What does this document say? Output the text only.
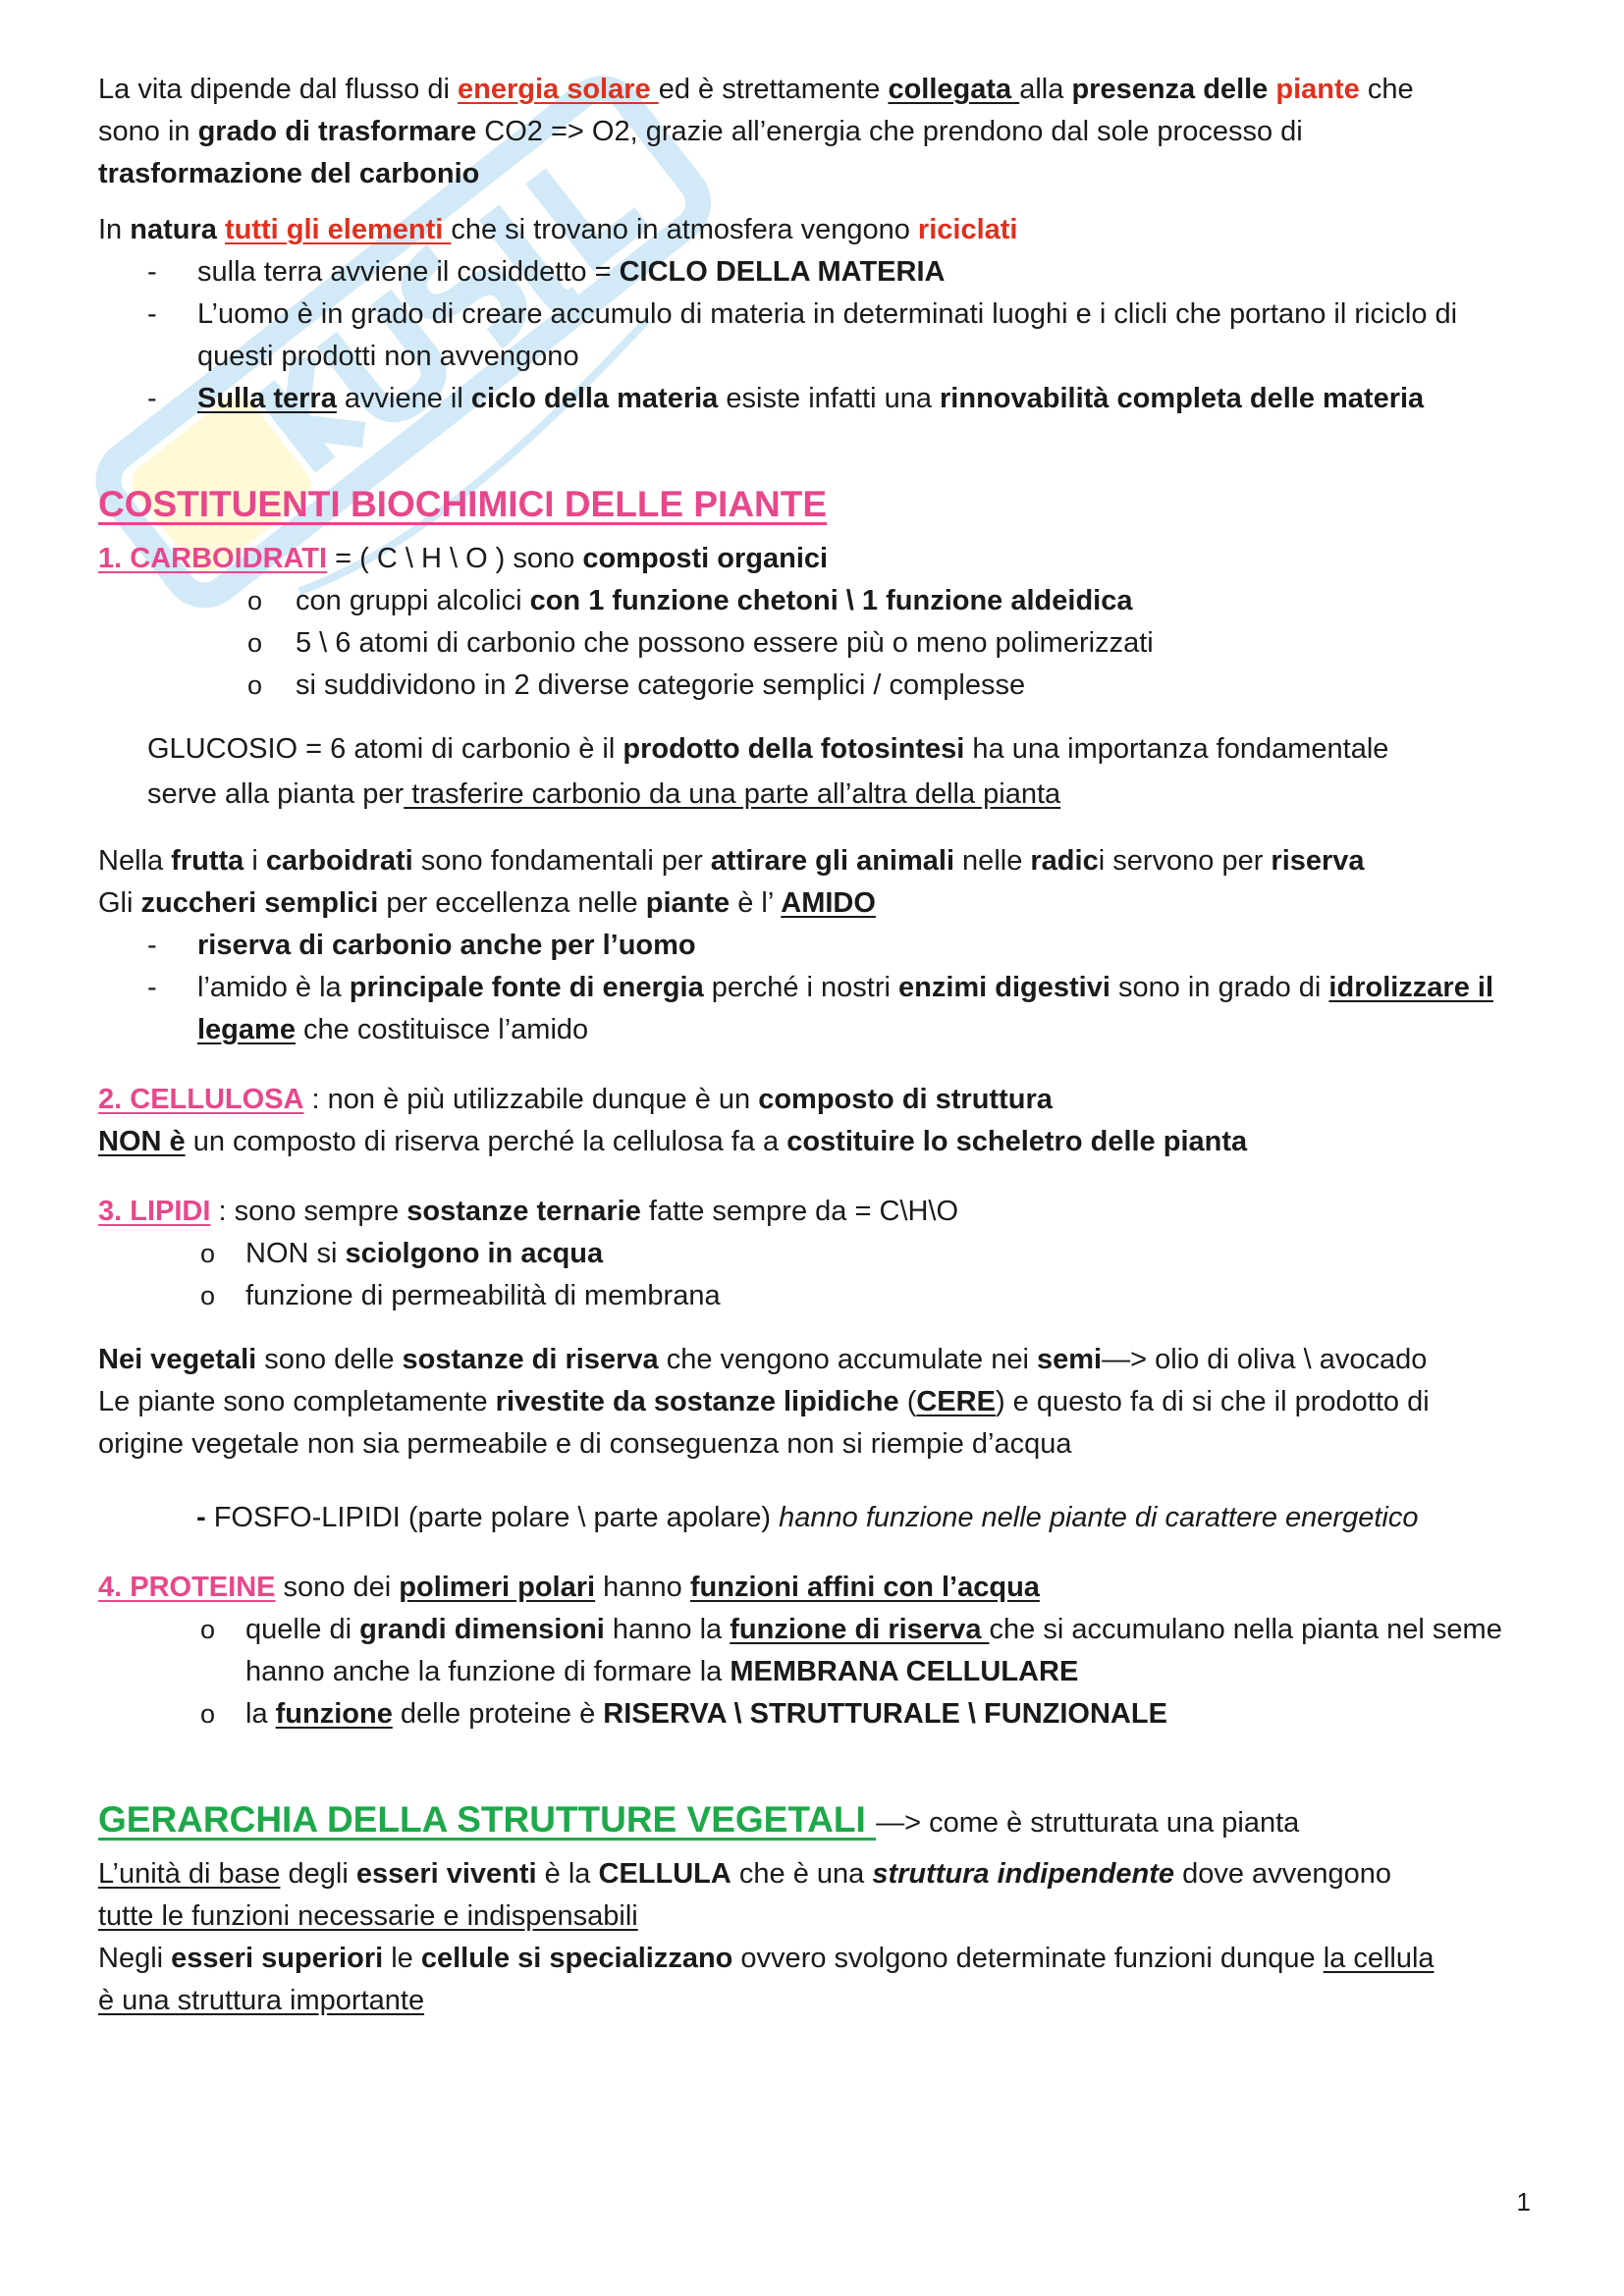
La vita dipende dal flusso di energia solare ed è strettamente collegata alla presenza delle piante che

sono in grado di trasformare CO2 => O2, grazie all’energia che prendono dal sole processo di

trasformazione del carbonio

In natura tutti gli elementi che si trovano in atmosfera vengono riciclati

- sulla terra avviene il cosiddetto = CICLO DELLA MATERIA

- L’uomo è in grado di creare accumulo di materia in determinati luoghi e i clicli che portano il riciclo di questi prodotti non avvengono

- Sulla terra avviene il ciclo della materia esiste infatti una rinnovabilità completa delle materia

COSTITUENTI BIOCHIMICI DELLE PIANTE

1. CARBOIDRATI = ( C \ H \ O ) sono composti organici

o con gruppi alcolici con 1 funzione chetoni \ 1 funzione aldeidica

o 5 \ 6 atomi di carbonio che possono essere più o meno polimerizzati

o si suddividono in 2 diverse categorie semplici / complesse

GLUCOSIO = 6 atomi di carbonio è il prodotto della fotosintesi ha una importanza fondamentale

serve alla pianta per trasferire carbonio da una parte all’altra della pianta

Nella frutta i carboidrati sono fondamentali per attirare gli animali nelle radici servono per riserva

Gli zuccheri semplici per eccellenza nelle piante è l’ AMIDO

- riserva di carbonio anche per l’uomo

- l’amido è la principale fonte di energia perché i nostri enzimi digestivi sono in grado di idrolizzare il legame che costituisce l’amido

2. CELLULOSA : non è più utilizzabile dunque è un composto di struttura

NON è un composto di riserva perché la cellulosa fa a costituire lo scheletro delle pianta

3. LIPIDI : sono sempre sostanze ternarie fatte sempre da = C\H\O

o NON si sciolgono in acqua

o funzione di permeabilità di membrana

Nei vegetali sono delle sostanze di riserva che vengono accumulate nei semi—> olio di oliva \ avocado

Le piante sono completamente rivestite da sostanze lipidiche (CERE) e questo fa di si che il prodotto di

origine vegetale non sia permeabile e di conseguenza non si riempie d’acqua

- FOSFO-LIPIDI (parte polare \ parte apolare) hanno funzione nelle piante di carattere energetico

4. PROTEINE sono dei polimeri polari hanno funzioni affini con l’acqua

o quelle di grandi dimensioni hanno la funzione di riserva che si accumulano nella pianta nel seme hanno anche la funzione di formare la MEMBRANA CELLULARE

o la funzione delle proteine è RISERVA \ STRUTTURALE \ FUNZIONALE

GERARCHIA DELLA STRUTTURE VEGETALI —> come è strutturata una pianta

L’unità di base degli esseri viventi è la CELLULA che è una struttura indipendente dove avvengono

tutte le funzioni necessarie e indispensabili

Negli esseri superiori le cellule si specializzano ovvero svolgono determinate funzioni dunque la cellula

è una struttura importante

1
